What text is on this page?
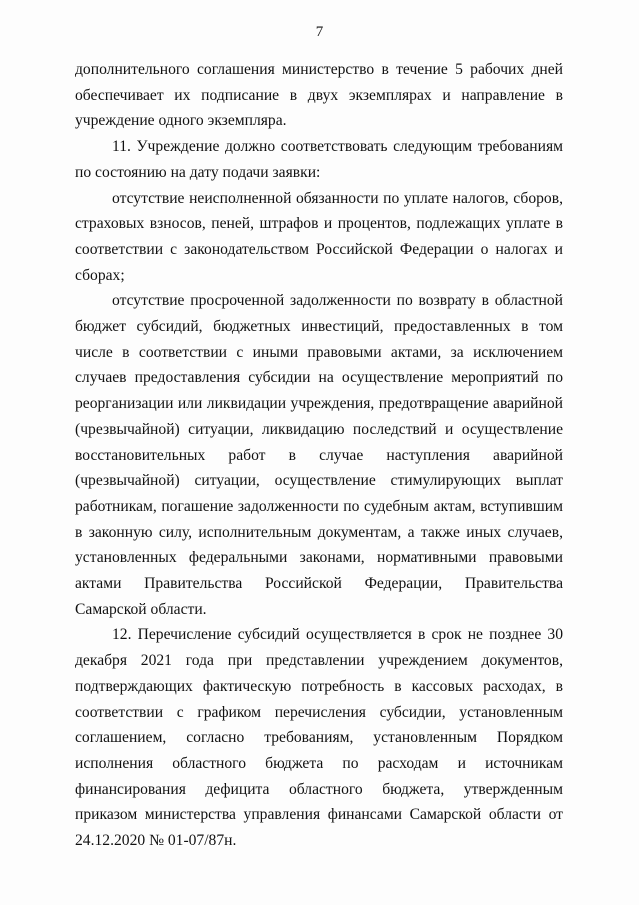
7

дополнительного соглашения министерство в течение 5 рабочих дней обеспечивает их подписание в двух экземплярах и направление в учреждение одного экземпляра.

11. Учреждение должно соответствовать следующим требованиям по состоянию на дату подачи заявки:

отсутствие неисполненной обязанности по уплате налогов, сборов, страховых взносов, пеней, штрафов и процентов, подлежащих уплате в соответствии с законодательством Российской Федерации о налогах и сборах;

отсутствие просроченной задолженности по возврату в областной бюджет субсидий, бюджетных инвестиций, предоставленных в том числе в соответствии с иными правовыми актами, за исключением случаев предоставления субсидии на осуществление мероприятий по реорганизации или ликвидации учреждения, предотвращение аварийной (чрезвычайной) ситуации, ликвидацию последствий и осуществление восстановительных работ в случае наступления аварийной (чрезвычайной) ситуации, осуществление стимулирующих выплат работникам, погашение задолженности по судебным актам, вступившим в законную силу, исполнительным документам, а также иных случаев, установленных федеральными законами, нормативными правовыми актами Правительства Российской Федерации, Правительства Самарской области.

12. Перечисление субсидий осуществляется в срок не позднее 30 декабря 2021 года при представлении учреждением документов, подтверждающих фактическую потребность в кассовых расходах, в соответствии с графиком перечисления субсидии, установленным соглашением, согласно требованиям, установленным Порядком исполнения областного бюджета по расходам и источникам финансирования дефицита областного бюджета, утвержденным приказом министерства управления финансами Самарской области от 24.12.2020 № 01-07/87н.
